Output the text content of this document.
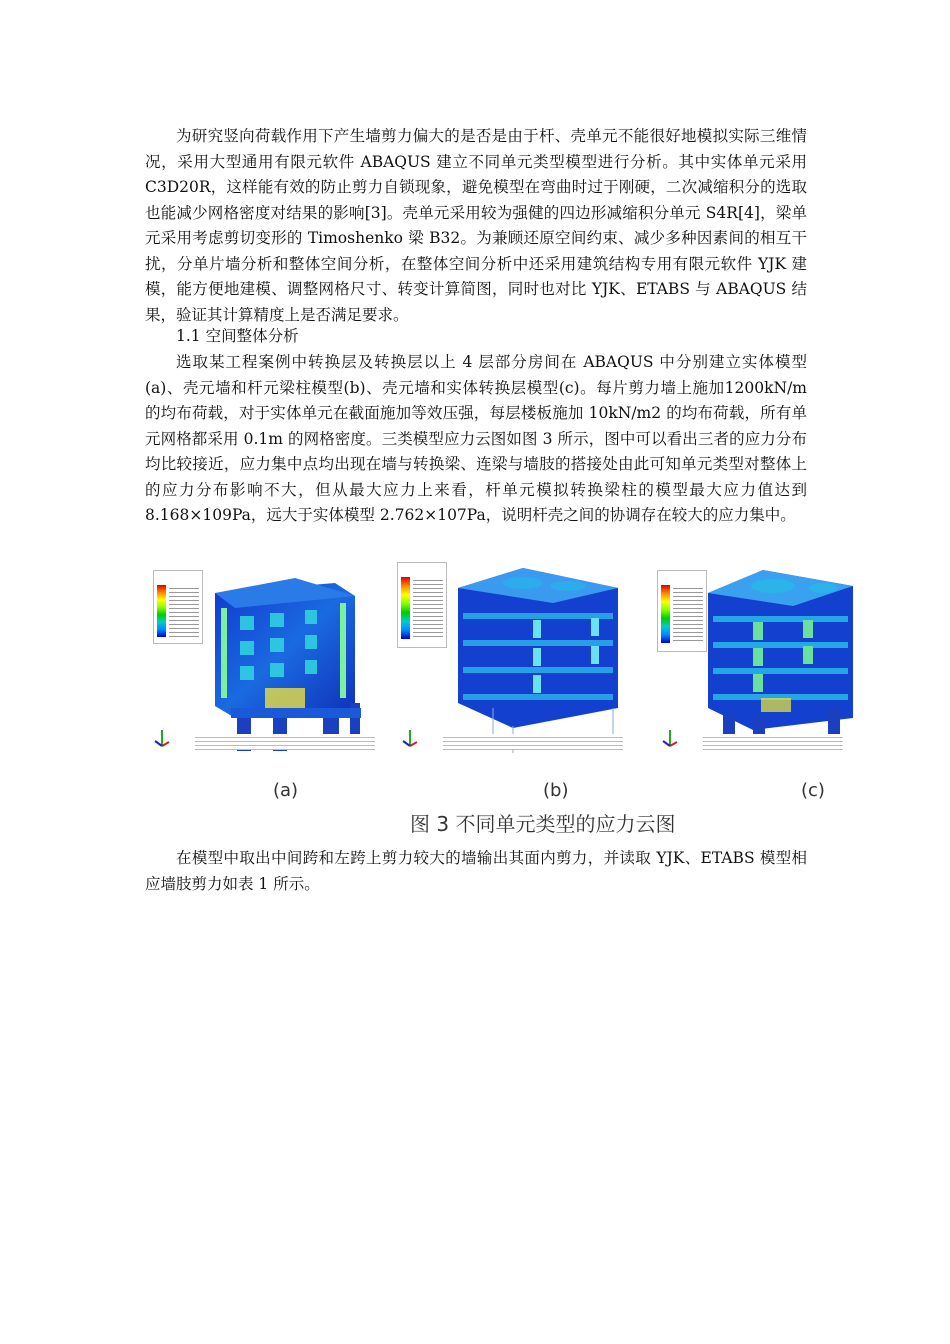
为研究竖向荷载作用下产生墙剪力偏大的是否是由于杆、壳单元不能很好地模拟实际三维情况，采用大型通用有限元软件 ABAQUS 建立不同单元类型模型进行分析。其中实体单元采用 C3D20R，这样能有效的防止剪力自锁现象，避免模型在弯曲时过于刚硬，二次减缩积分的选取也能减少网格密度对结果的影响[3]。壳单元采用较为强健的四边形减缩积分单元 S4R[4]，梁单元采用考虑剪切变形的 Timoshenko 梁 B32。为兼顾还原空间约束、减少多种因素间的相互干扰，分单片墙分析和整体空间分析，在整体空间分析中还采用建筑结构专用有限元软件 YJK 建模，能方便地建模、调整网格尺寸、转变计算简图，同时也对比 YJK、ETABS 与 ABAQUS 结果，验证其计算精度上是否满足要求。

1.1 空间整体分析

选取某工程案例中转换层及转换层以上 4 层部分房间在 ABAQUS 中分别建立实体模型(a)、壳元墙和杆元梁柱模型(b)、壳元墙和实体转换层模型(c)。每片剪力墙上施加1200kN/m 的均布荷载，对于实体单元在截面施加等效压强，每层楼板施加 10kN/m2 的均布荷载，所有单元网格都采用 0.1m 的网格密度。三类模型应力云图如图 3 所示，图中可以看出三者的应力分布均比较接近，应力集中点均出现在墙与转换梁、连梁与墙肢的搭接处由此可知单元类型对整体上的应力分布影响不大，但从最大应力上来看，杆单元模拟转换梁柱的模型最大应力值达到 8.168×109Pa，远大于实体模型 2.762×107Pa，说明杆壳之间的协调存在较大的应力集中。

(a)	(b)	(c)
图 3 不同单元类型的应力云图

在模型中取出中间跨和左跨上剪力较大的墙输出其面内剪力，并读取 YJK、ETABS 模型相应墙肢剪力如表 1 所示。
